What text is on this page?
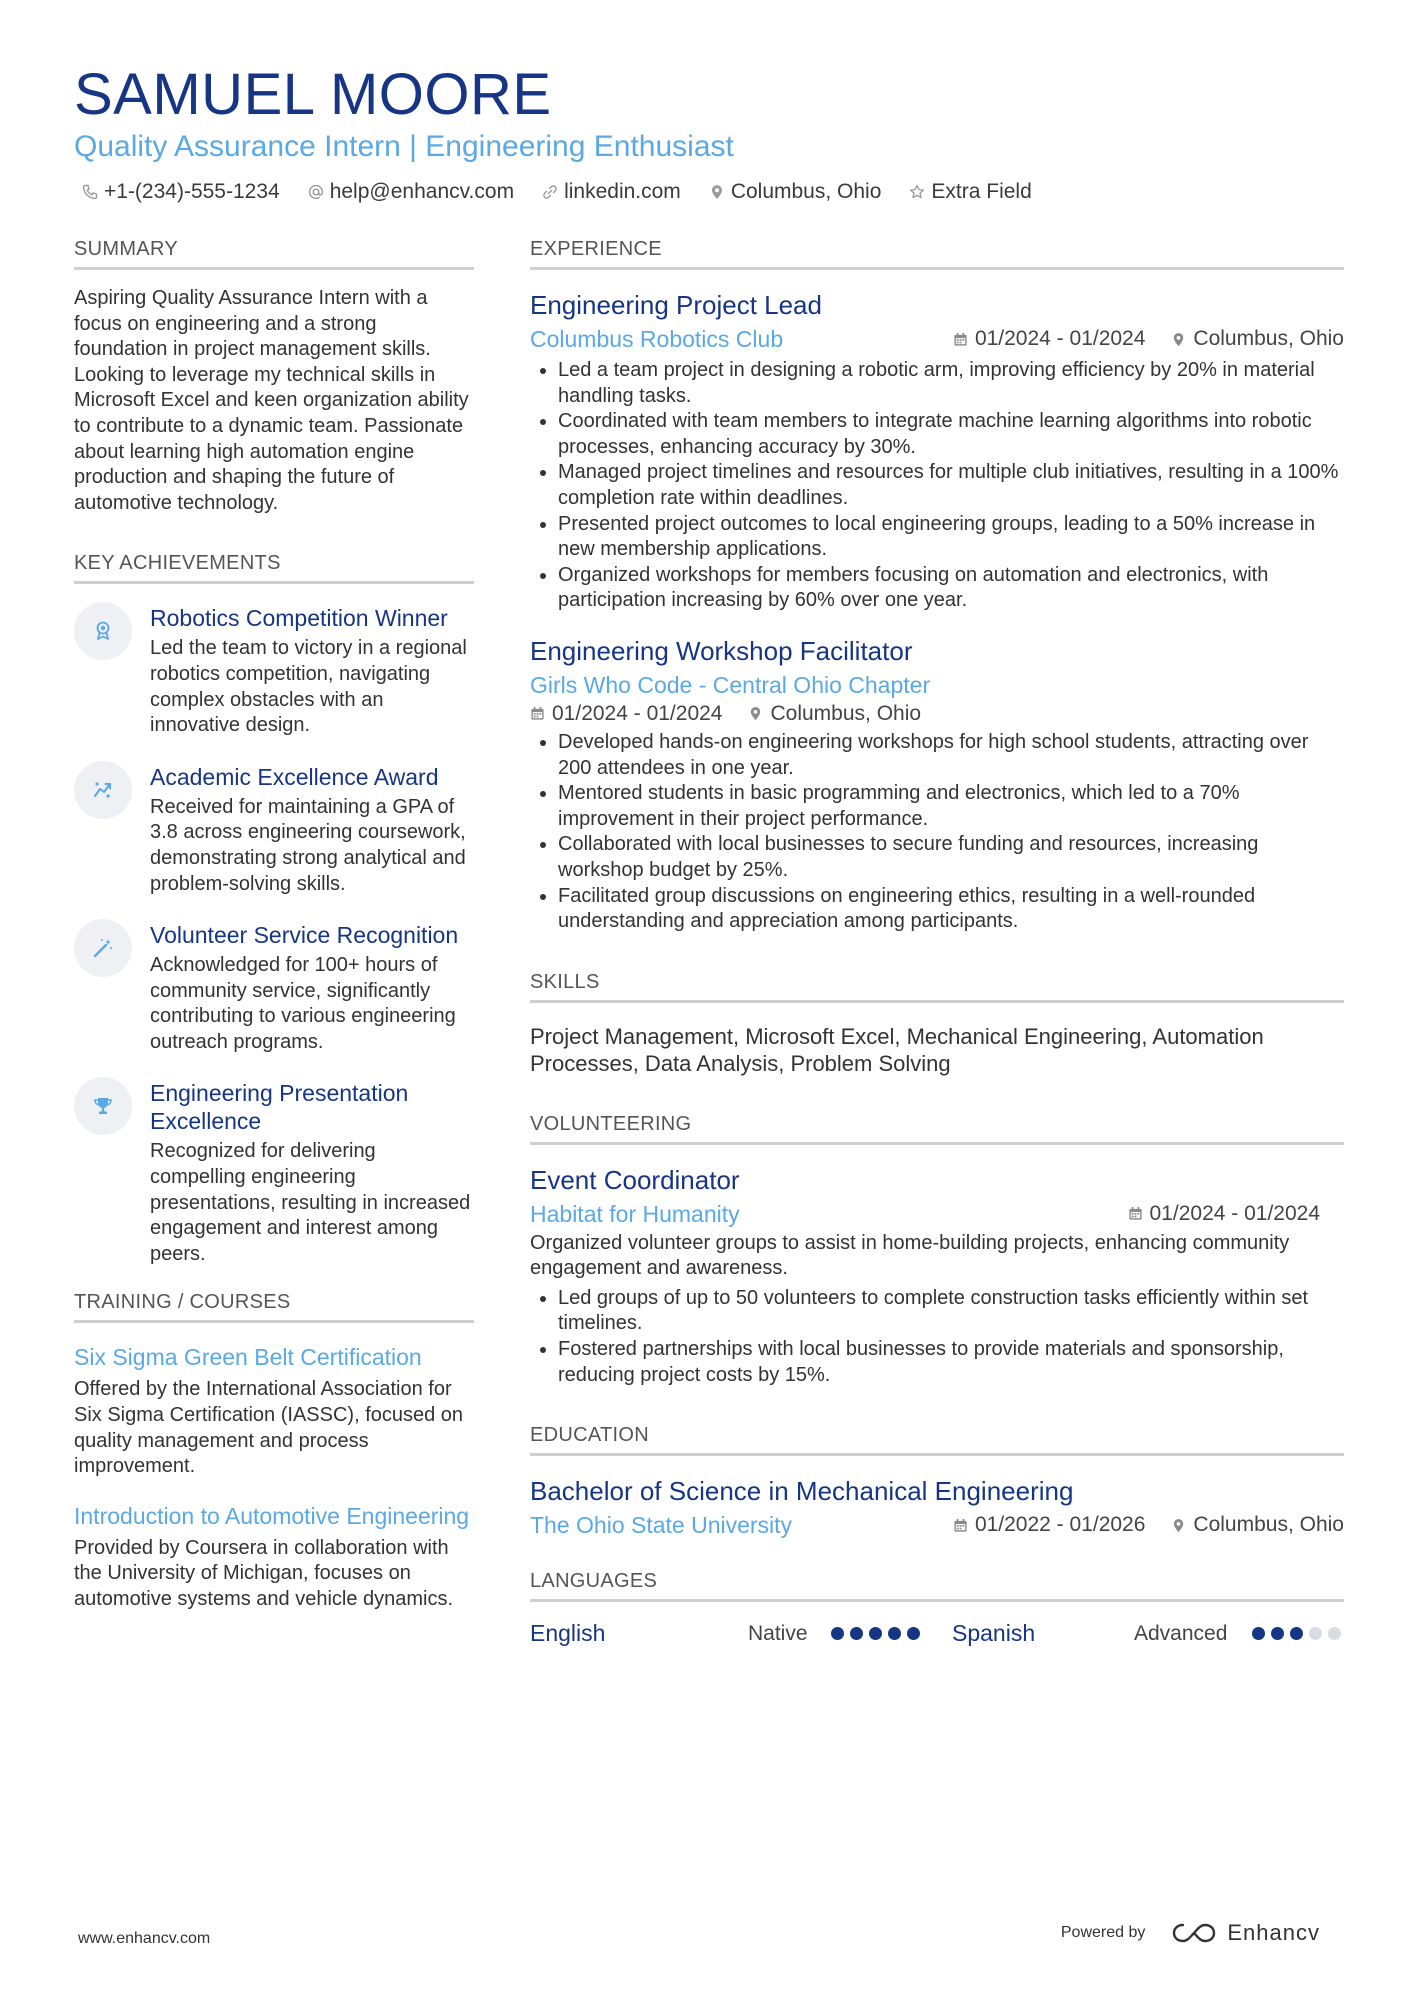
SAMUEL MOORE
Quality Assurance Intern | Engineering Enthusiast
+1-(234)-555-1234 help@enhancv.com linkedin.com Columbus, Ohio Extra Field
SUMMARY
Aspiring Quality Assurance Intern with a focus on engineering and a strong foundation in project management skills. Looking to leverage my technical skills in Microsoft Excel and keen organization ability to contribute to a dynamic team. Passionate about learning high automation engine production and shaping the future of automotive technology.
KEY ACHIEVEMENTS
Robotics Competition Winner
Led the team to victory in a regional robotics competition, navigating complex obstacles with an innovative design.
Academic Excellence Award
Received for maintaining a GPA of 3.8 across engineering coursework, demonstrating strong analytical and problem-solving skills.
Volunteer Service Recognition
Acknowledged for 100+ hours of community service, significantly contributing to various engineering outreach programs.
Engineering Presentation Excellence
Recognized for delivering compelling engineering presentations, resulting in increased engagement and interest among peers.
TRAINING / COURSES
Six Sigma Green Belt Certification
Offered by the International Association for Six Sigma Certification (IASSC), focused on quality management and process improvement.
Introduction to Automotive Engineering
Provided by Coursera in collaboration with the University of Michigan, focuses on automotive systems and vehicle dynamics.
EXPERIENCE
Engineering Project Lead
Columbus Robotics Club	01/2024 - 01/2024 Columbus, Ohio
• Led a team project in designing a robotic arm, improving efficiency by 20% in material handling tasks.
• Coordinated with team members to integrate machine learning algorithms into robotic processes, enhancing accuracy by 30%.
• Managed project timelines and resources for multiple club initiatives, resulting in a 100% completion rate within deadlines.
• Presented project outcomes to local engineering groups, leading to a 50% increase in new membership applications.
• Organized workshops for members focusing on automation and electronics, with participation increasing by 60% over one year.
Engineering Workshop Facilitator
Girls Who Code - Central Ohio Chapter
01/2024 - 01/2024 Columbus, Ohio
• Developed hands-on engineering workshops for high school students, attracting over 200 attendees in one year.
• Mentored students in basic programming and electronics, which led to a 70% improvement in their project performance.
• Collaborated with local businesses to secure funding and resources, increasing workshop budget by 25%.
• Facilitated group discussions on engineering ethics, resulting in a well-rounded understanding and appreciation among participants.
SKILLS
Project Management, Microsoft Excel, Mechanical Engineering, Automation Processes, Data Analysis, Problem Solving
VOLUNTEERING
Event Coordinator
Habitat for Humanity	01/2024 - 01/2024
Organized volunteer groups to assist in home-building projects, enhancing community engagement and awareness.
• Led groups of up to 50 volunteers to complete construction tasks efficiently within set timelines.
• Fostered partnerships with local businesses to provide materials and sponsorship, reducing project costs by 15%.
EDUCATION
Bachelor of Science in Mechanical Engineering
The Ohio State University	01/2022 - 01/2026 Columbus, Ohio
LANGUAGES
English	Native	Spanish	Advanced
www.enhancv.com	Powered by	Enhancv
